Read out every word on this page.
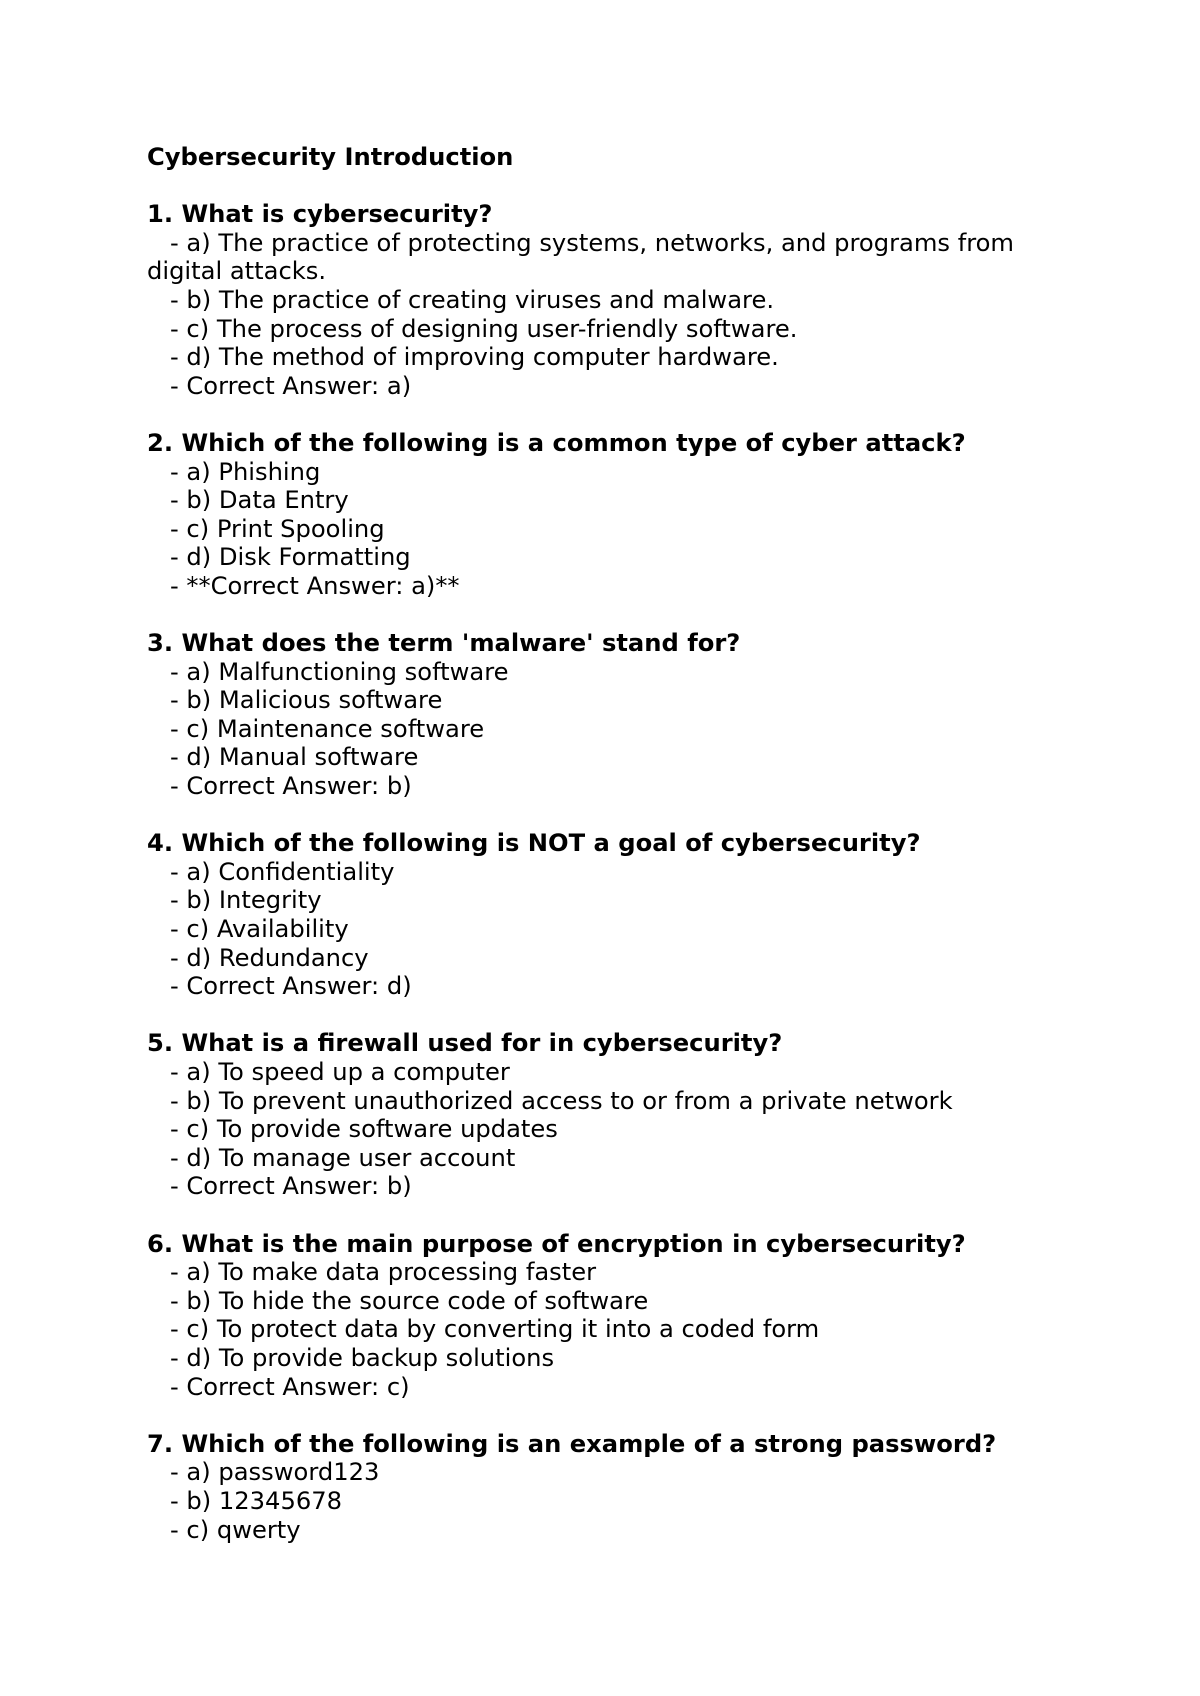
Cybersecurity Introduction
1. What is cybersecurity?
- a) The practice of protecting systems, networks, and programs from digital attacks.
- b) The practice of creating viruses and malware.
- c) The process of designing user-friendly software.
- d) The method of improving computer hardware.
- Correct Answer: a)
2. Which of the following is a common type of cyber attack?
- a) Phishing
- b) Data Entry
- c) Print Spooling
- d) Disk Formatting
- **Correct Answer: a)**
3. What does the term 'malware' stand for?
- a) Malfunctioning software
- b) Malicious software
- c) Maintenance software
- d) Manual software
- Correct Answer: b)
4. Which of the following is NOT a goal of cybersecurity?
- a) Confidentiality
- b) Integrity
- c) Availability
- d) Redundancy
- Correct Answer: d)
5. What is a firewall used for in cybersecurity?
- a) To speed up a computer
- b) To prevent unauthorized access to or from a private network
- c) To provide software updates
- d) To manage user account
- Correct Answer: b)
6. What is the main purpose of encryption in cybersecurity?
- a) To make data processing faster
- b) To hide the source code of software
- c) To protect data by converting it into a coded form
- d) To provide backup solutions
- Correct Answer: c)
7. Which of the following is an example of a strong password?
- a) password123
- b) 12345678
- c) qwerty
